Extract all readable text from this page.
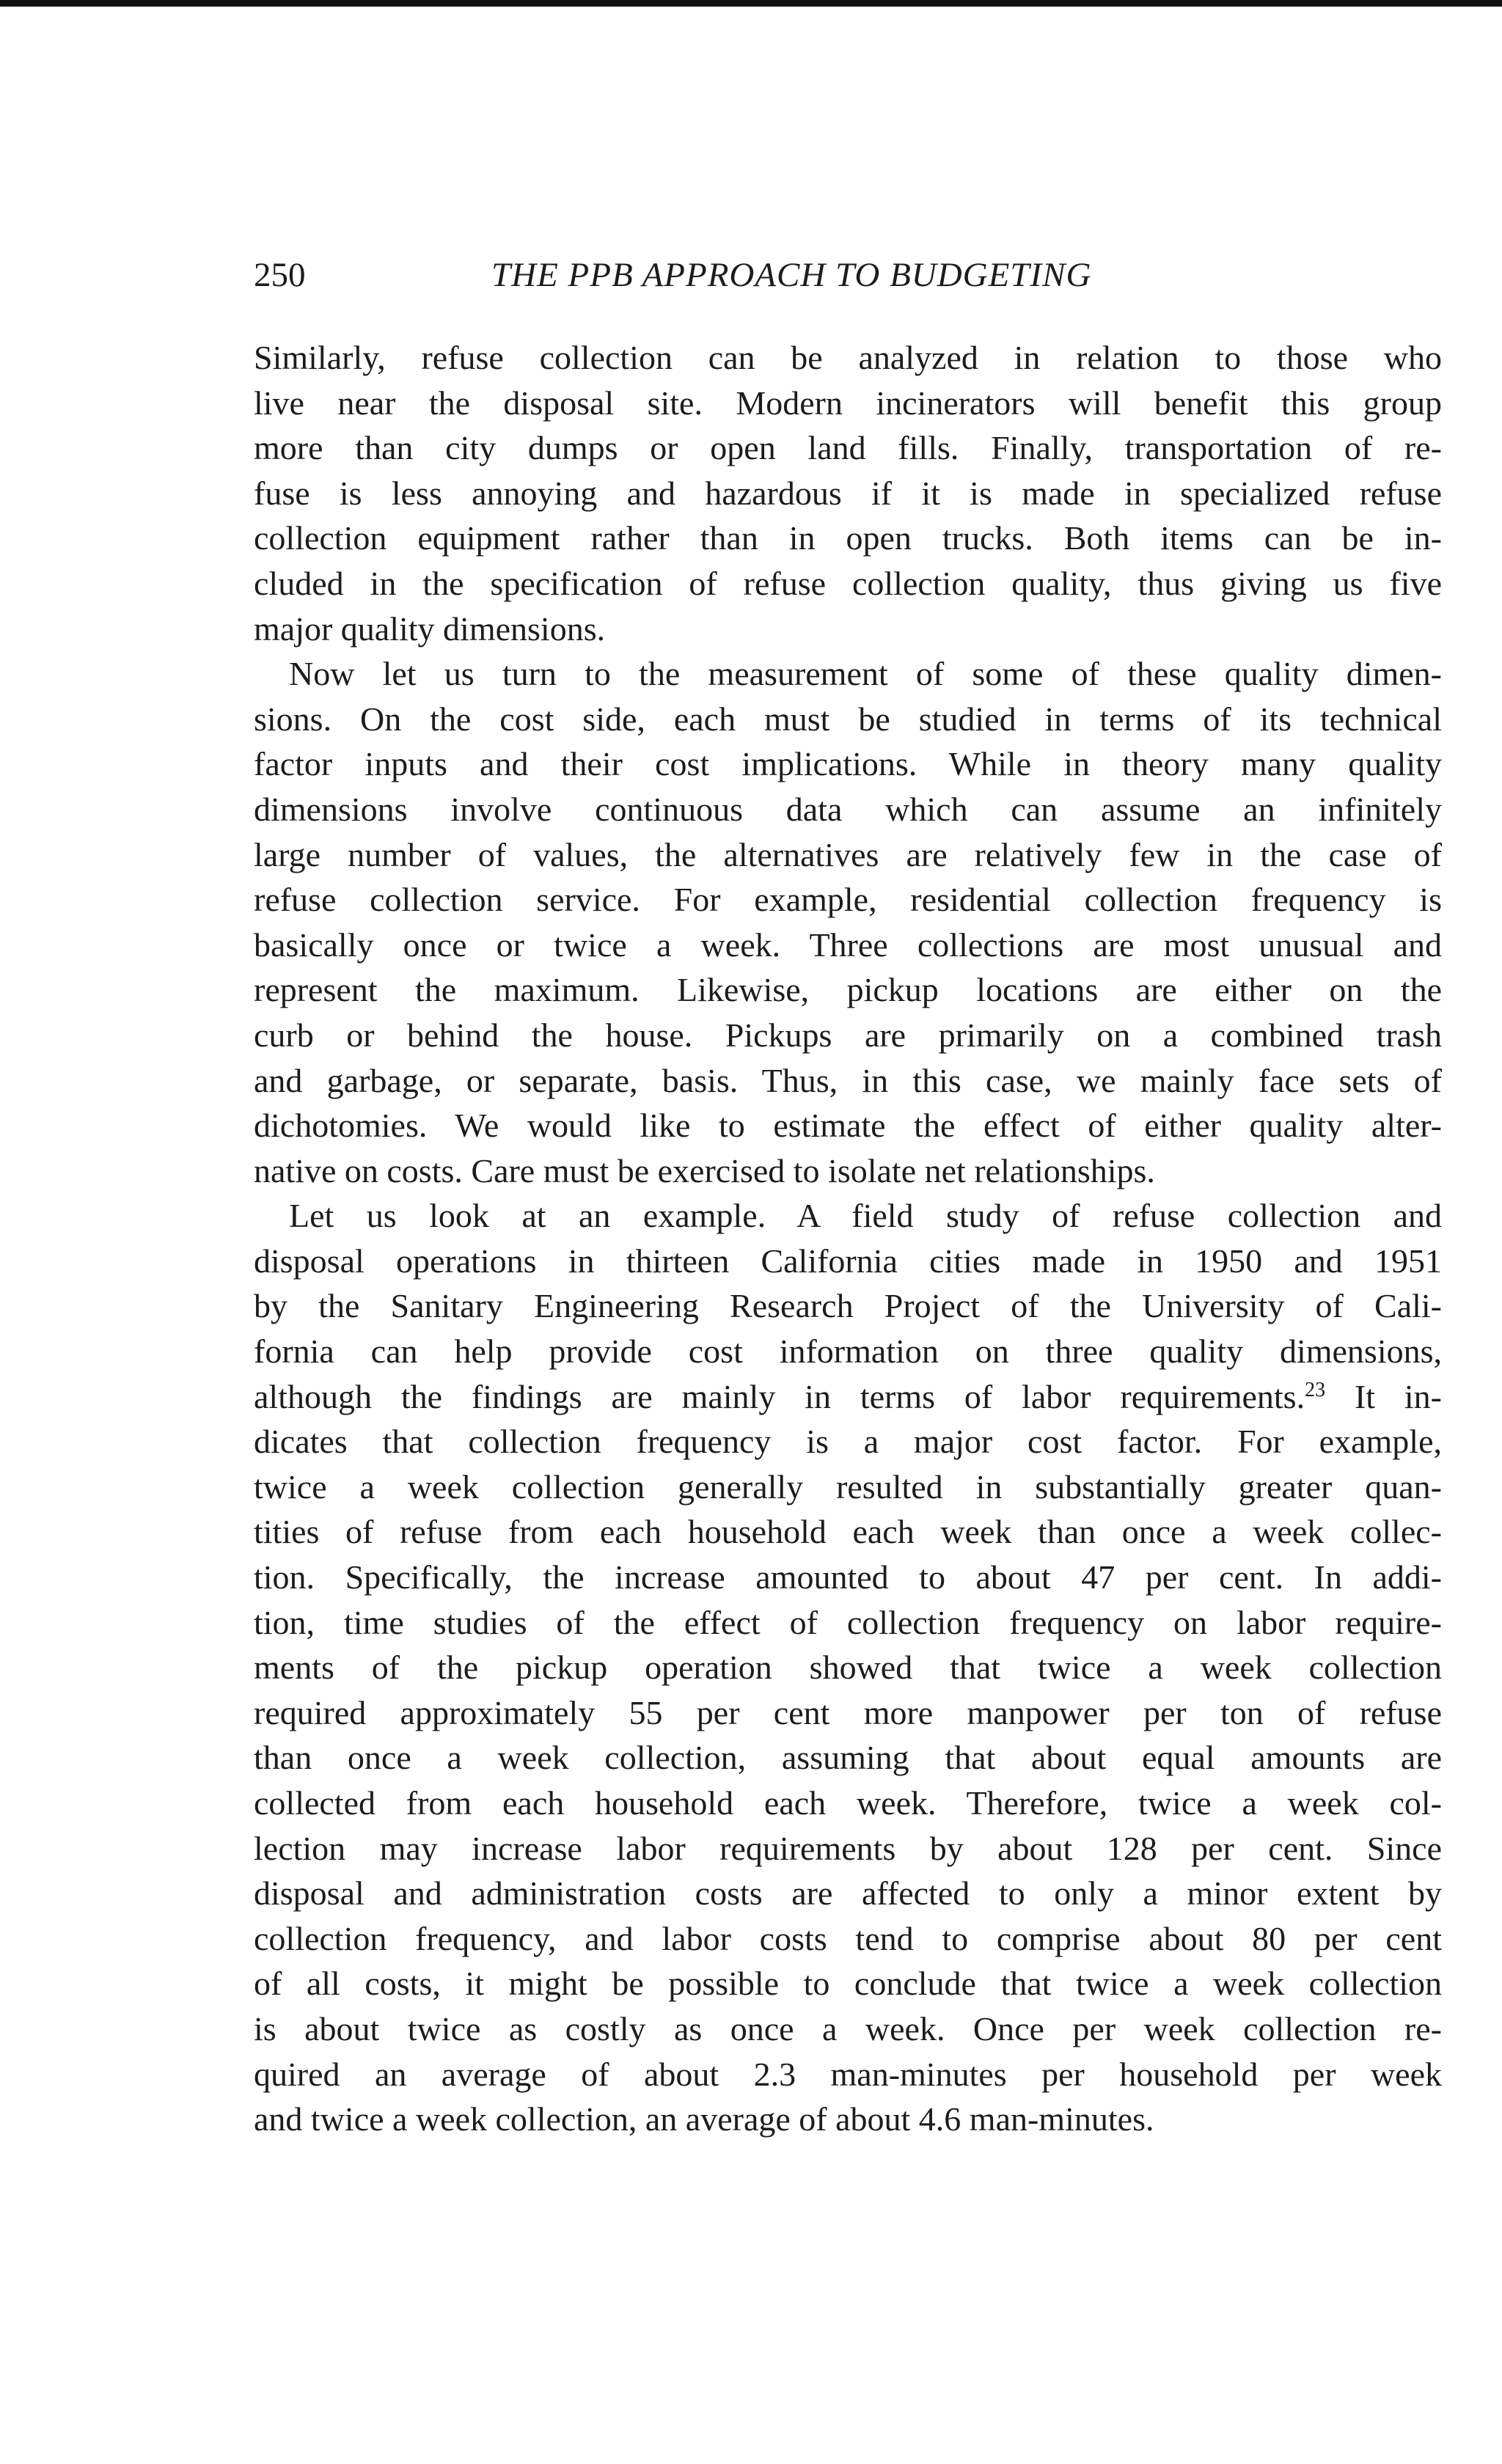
250	THE PPB APPROACH TO BUDGETING
Similarly, refuse collection can be analyzed in relation to those who
live near the disposal site. Modern incinerators will benefit this group
more than city dumps or open land fills. Finally, transportation of re-
fuse is less annoying and hazardous if it is made in specialized refuse
collection equipment rather than in open trucks. Both items can be in-
cluded in the specification of refuse collection quality, thus giving us five
major quality dimensions.
Now let us turn to the measurement of some of these quality dimen-
sions. On the cost side, each must be studied in terms of its technical
factor inputs and their cost implications. While in theory many quality
dimensions involve continuous data which can assume an infinitely
large number of values, the alternatives are relatively few in the case of
refuse collection service. For example, residential collection frequency is
basically once or twice a week. Three collections are most unusual and
represent the maximum. Likewise, pickup locations are either on the
curb or behind the house. Pickups are primarily on a combined trash
and garbage, or separate, basis. Thus, in this case, we mainly face sets of
dichotomies. We would like to estimate the effect of either quality alter-
native on costs. Care must be exercised to isolate net relationships.
Let us look at an example. A field study of refuse collection and
disposal operations in thirteen California cities made in 1950 and 1951
by the Sanitary Engineering Research Project of the University of Cali-
fornia can help provide cost information on three quality dimensions,
although the findings are mainly in terms of labor requirements.$^{23}$ It in-
dicates that collection frequency is a major cost factor. For example,
twice a week collection generally resulted in substantially greater quan-
tities of refuse from each household each week than once a week collec-
tion. Specifically, the increase amounted to about 47 per cent. In addi-
tion, time studies of the effect of collection frequency on labor require-
ments of the pickup operation showed that twice a week collection
required approximately 55 per cent more manpower per ton of refuse
than once a week collection, assuming that about equal amounts are
collected from each household each week. Therefore, twice a week col-
lection may increase labor requirements by about 128 per cent. Since
disposal and administration costs are affected to only a minor extent by
collection frequency, and labor costs tend to comprise about 80 per cent
of all costs, it might be possible to conclude that twice a week collection
is about twice as costly as once a week. Once per week collection re-
quired an average of about 2.3 man-minutes per household per week
and twice a week collection, an average of about 4.6 man-minutes.
